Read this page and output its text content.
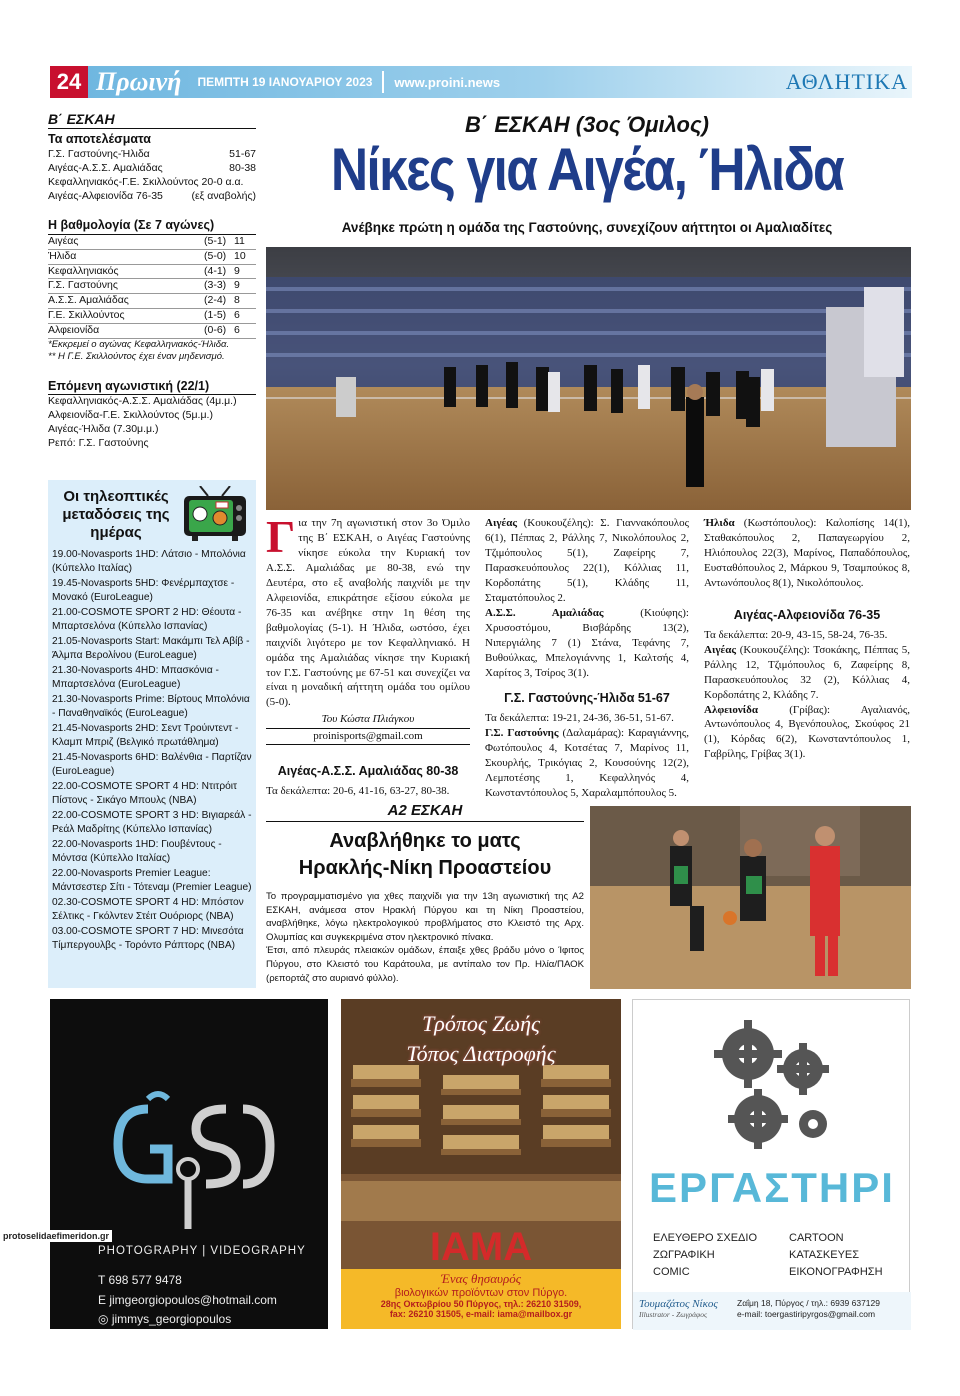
24 Πρωινή ΠΕΜΠΤΗ 19 ΙΑΝΟΥΑΡΙΟΥ 2023 www.proini.news	ΑΘΛΗΤΙΚΑ
Β΄ ΕΣΚΑΗ
Τα αποτελέσματα
Γ.Σ. Γαστούνης-Ήλιδα	51-67
Αιγέας-Α.Σ.Σ. Αμαλιάδας	80-38
Κεφαλληνιακός-Γ.Ε. Σκιλλούντος 20-0 α.α.
Αιγέας-Αλφειονίδα 76-35	(εξ αναβολής)
Η βαθμολογία (Σε 7 αγώνες)
Αιγέας	(5-1) 11
Ήλιδα	(5-0) 10
Κεφαλληνιακός	(4-1) 9
Γ.Σ. Γαστούνης	(3-3) 9
Α.Σ.Σ. Αμαλιάδας	(2-4) 8
Γ.Ε. Σκιλλούντος	(1-5) 6
Αλφειονίδα	(0-6) 6
*Εκκρεμεί ο αγώνας Κεφαλληνιακός-Ήλιδα.
** Η Γ.Ε. Σκιλλούντος έχει έναν μηδενισμό.
Επόμενη αγωνιστική (22/1)
Κεφαλληνιακός-Α.Σ.Σ. Αμαλιάδας (4μ.μ.)
Αλφειονίδα-Γ.Ε. Σκιλλούντος (5μ.μ.)
Αιγέας-Ήλιδα (7.30μ.μ.)
Ρεπό: Γ.Σ. Γαστούνης
Οι τηλεοπτικές μεταδόσεις της ημέρας
19.00-Novasports 1HD: Λάτσιο - Μπολόνια (Κύπελλο Ιταλίας)
19.45-Novasports 5HD: Φενέρμπαχτσε - Μονακό (EuroLeague)
21.00-COSMOTE SPORT 2 HD: Θέουτα - Μπαρτσελόνα (Κύπελλο Ισπανίας)
21.05-Novasports Start: Μακάμπι Τελ Αβίβ - Άλμπα Βερολίνου (EuroLeague)
21.30-Novasports 4HD: Μπασκόνια - Μπαρτσελόνα (EuroLeague)
21.30-Novasports Prime: Βίρτους Μπολόνια - Παναθηναϊκός (EuroLeague)
21.45-Novasports 2HD: Σεντ Τρούιντεντ - Κλαμπ Μπριζ (Βελγικό πρωτάθλημα)
21.45-Novasports 6HD: Βαλένθια - Παρτίζαν (EuroLeague)
22.00-COSMOTE SPORT 4 HD: Ντιτρόιτ Πίστονς - Σικάγο Μπουλς (NBA)
22.00-COSMOTE SPORT 3 HD: Βιγιαρεάλ - Ρεάλ Μαδρίτης (Κύπελλο Ισπανίας)
22.00-Novasports 1HD: Γιουβέντους - Μόντσα (Κύπελλο Ιταλίας)
22.00-Novasports Premier League: Μάντσεστερ Σίτι - Τότεναμ (Premier League)
02.30-COSMOTE SPORT 4 HD: Μπόστον Σέλτικς - Γκόλντεν Στέιτ Ουόριορς (NBA)
03.00-COSMOTE SPORT 7 HD: Μινεσότα Τίμπεργουλβς - Τορόντο Ράπτορς (NBA)
Β΄ ΕΣΚΑΗ (3ος Όμιλος)
Νίκες για Αιγέα, Ήλιδα
Ανέβηκε πρώτη η ομάδα της Γαστούνης, συνεχίζουν αήττητοι οι Αμαλιαδίτες

Για την 7η αγωνιστική στον 3ο Όμιλο της Β΄ ΕΣΚΑΗ, ο Αιγέας Γαστούνης νίκησε εύκολα την Κυριακή τον Α.Σ.Σ. Αμαλιάδας με 80-38, ενώ την Δευτέρα, στο εξ αναβολής παιχνίδι με την Αλφειονίδα, επικράτησε εξίσου εύκολα με 76-35 και ανέβηκε στην 1η θέση της βαθμολογίας (5-1). Η Ήλιδα, ωστόσο, έχει παιχνίδι λιγότερο με τον Κεφαλληνιακό. Η ομάδα της Αμαλιάδας νίκησε την Κυριακή τον Γ.Σ. Γαστούνης με 67-51 και συνεχίζει να είναι η μοναδική αήττητη ομάδα του ομίλου (5-0).

Του Κώστα Πλιάγκου
proinisports@gmail.com
Αιγέας-Α.Σ.Σ. Αμαλιάδας 80-38

Τα δεκάλεπτα: 20-6, 41-16, 63-27, 80-38.

Αιγέας (Κουκουζέλης): Σ. Γιαννακόπουλος 6(1), Πέππας 2, Ράλλης 7, Νικολόπουλος 2, Τζιμόπουλος 5(1), Ζαφείρης 7, Παρασκευόπουλος 22(1), Κόλλιας 11, Κορδοπάτης 5(1), Κλάδης 11, Σταματόπουλος 2.

Α.Σ.Σ. Αμαλιάδας (Κιούφης): Χρυσοστόμου, Βισβάρδης 13(2), Νιπεργιάλης 7 (1) Στάνα, Τεφάνης 7, Βυθούλκας, Μπελογιάννης 1, Καλτσής 4, Χαρίτος 3, Τσίρος 3(1).

Γ.Σ. Γαστούνης-Ήλιδα 51-67

Τα δεκάλεπτα: 19-21, 24-36, 36-51, 51-67.

Γ.Σ. Γαστούνης (Δαλαμάρας): Καραγιάννης, Φωτόπουλος 4, Κοτσέτας 7, Μαρίνος 11, Σκουρλής, Τρικόγιας 2, Κουσούνης 12(2), Λεμποτέσης 1, Κεφαλληνός 4, Κωνσταντόπουλος 5, Χαραλαμπόπουλος 5.

Ήλιδα (Κωστόπουλος): Καλοπίσης 14(1), Σταθακόπουλος 2, Παπαγεωργίου 2, Ηλιόπουλος 22(3), Μαρίνος, Παπαδόπουλος, Ευσταθόπουλος 2, Μάρκου 9, Τσαμπούκος 8, Αντωνόπουλος 8(1), Νικολόπουλος.

Αιγέας-Αλφειονίδα 76-35

Τα δεκάλεπτα: 20-9, 43-15, 58-24, 76-35.

Αιγέας (Κουκουζέλης): Τσοκάκης, Πέππας 5, Ράλλης 12, Τζιμόπουλος 6, Ζαφείρης 8, Παρασκευόπουλος 32 (2), Κόλλιας 4, Κορδοπάτης 2, Κλάδης 7.

Αλφειονίδα (Γρίβας): Αγαλιανός, Αντωνόπουλος 4, Βγενόπουλος, Σκούφος 21 (1), Κόρδας 6(2), Κωνσταντόπουλος 1, Γαβρίλης, Γρίβας 3(1).

Α2 ΕΣΚΑΗ
Αναβλήθηκε το ματς
Ηρακλής-Νίκη Προαστείου

Το προγραμματισμένο για χθες παιχνίδι για την 13η αγωνιστική της Α2 ΕΣΚΑΗ, ανάμεσα στον Ηρακλή Πύργου και τη Νίκη Προαστείου, αναβλήθηκε, λόγω ηλεκτρολογικού προβλήματος στο Κλειστό της Αρχ. Ολυμπίας και συγκεκριμένα στον ηλεκτρονικό πίνακα.

Έτσι, από πλευράς πλειακών ομάδων, έπαιξε χθες βράδυ μόνο ο Ίφιτος Πύργου, στο Κλειστό του Καράτουλα, με αντίπαλο τον Πρ. Ηλία/ΠΑΟΚ (ρεπορτάζ στο αυριανό φύλλο).

PHOTOGRAPHY | VIDEOGRAPHY
T 698 577 9478
E jimgeorgiopoulos@hotmail.com
◎ jimmys_georgiopoulos
Τρόπος Ζωής
Τόπος Διατροφής
ΙΑΜΑ
Ένας θησαυρός
βιολογικών προϊόντων στον Πύργο.
28ης Οκτωβρίου 50 Πύργος, τηλ.: 26210 31509,
fax: 26210 31505, e-mail: iama@mailbox.gr
ΕΡΓΑΣΤΗΡΙ
ΕΛΕΥΘΕΡΟ ΣΧΕΔΙΟ
ΖΩΓΡΑΦΙΚΗ
COMIC
CARTOON
ΚΑΤΑΣΚΕΥΕΣ
ΕΙΚΟΝΟΓΡΑΦΗΣΗ
Τουμαζάτος Νίκος
Illustrator - Ζωγράφος
Ζαΐμη 18, Πύργος / τηλ.: 6939 637129
e-mail: toergastiripyrgos@gmail.com
protoselidaefimeridon.gr
